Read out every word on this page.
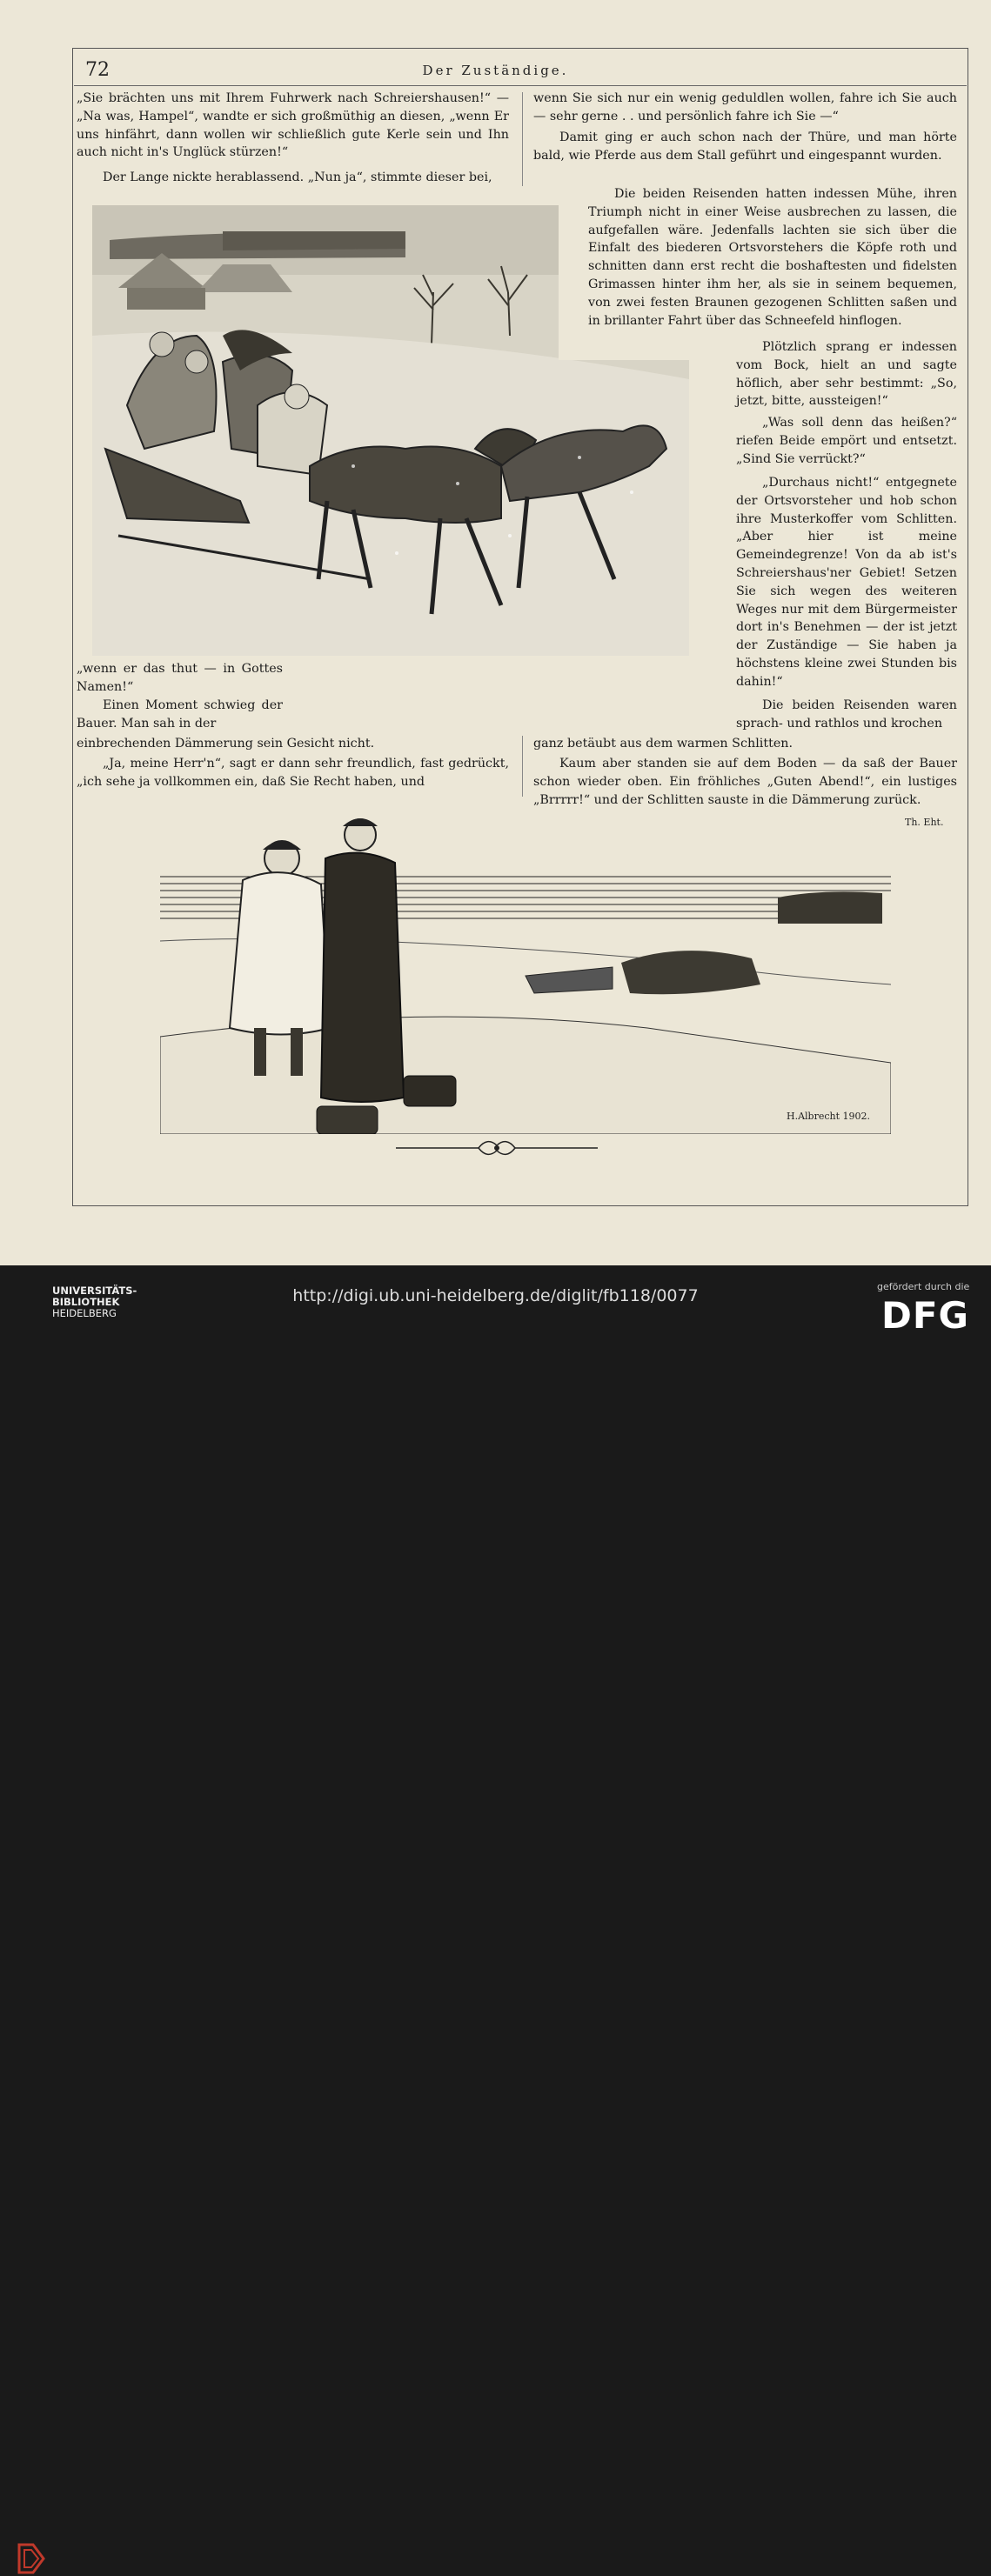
72	Der Zuständige.

„Sie brächten uns mit Ihrem Fuhrwerk nach Schreiershausen!“ — „Na was, Hampel“, wandte er sich großmüthig an diesen, „wenn Er uns hinfährt, dann wollen wir schließlich gute Kerle sein und Ihn auch nicht in's Unglück stürzen!“

Der Lange nickte herablassend. „Nun ja“, stimmte dieser bei,

wenn Sie sich nur ein wenig geduldlen wollen, fahre ich Sie auch — sehr gerne . . und persönlich fahre ich Sie —“

Damit ging er auch schon nach der Thüre, und man hörte bald, wie Pferde aus dem Stall geführt und eingespannt wurden.

Die beiden Reisenden hatten indessen Mühe, ihren Triumph nicht in einer Weise ausbrechen zu lassen, die aufgefallen wäre. Jedenfalls lachten sie sich über die Einfalt des biederen Ortsvorstehers die Köpfe roth und schnitten dann erst recht die boshaftesten und fidelsten Grimassen hinter ihm her, als sie in seinem bequemen, von zwei festen Braunen gezogenen Schlitten saßen und in brillanter Fahrt über das Schneefeld hinflogen.

Plötzlich sprang er indessen vom Bock, hielt an und sagte höflich, aber sehr bestimmt: „So, jetzt, bitte, aussteigen!“

„Was soll denn das heißen?“ riefen Beide empört und entsetzt. „Sind Sie verrückt?“

„Durchaus nicht!“ entgegnete der Ortsvorsteher und hob schon ihre Musterkoffer vom Schlitten. „Aber hier ist meine Gemeindegrenze! Von da ab ist's Schreiershaus'ner Gebiet! Setzen Sie sich wegen des weiteren Weges nur mit dem Bürgermeister dort in's Benehmen — der ist jetzt der Zuständige — Sie haben ja höchstens kleine zwei Stunden bis dahin!“

Die beiden Reisenden waren sprach- und rathlos und krochen

„wenn er das thut — in Gottes Namen!“

Einen Moment schwieg der Bauer. Man sah in der

einbrechenden Dämmerung sein Gesicht nicht.

„Ja, meine Herr'n“, sagt er dann sehr freundlich, fast gedrückt, „ich sehe ja vollkommen ein, daß Sie Recht haben, und

ganz betäubt aus dem warmen Schlitten.

Kaum aber standen sie auf dem Boden — da saß der Bauer schon wieder oben. Ein fröhliches „Guten Abend!“, ein lustiges „Brrrrr!“ und der Schlitten sauste in die Dämmerung zurück.

Th. Eht.
H.Albrecht 1902.
UNIVERSITÄTS-
BIBLIOTHEK
HEIDELBERG
http://digi.ub.uni-heidelberg.de/diglit/fb118/0077	gefördert durch die
DFG
